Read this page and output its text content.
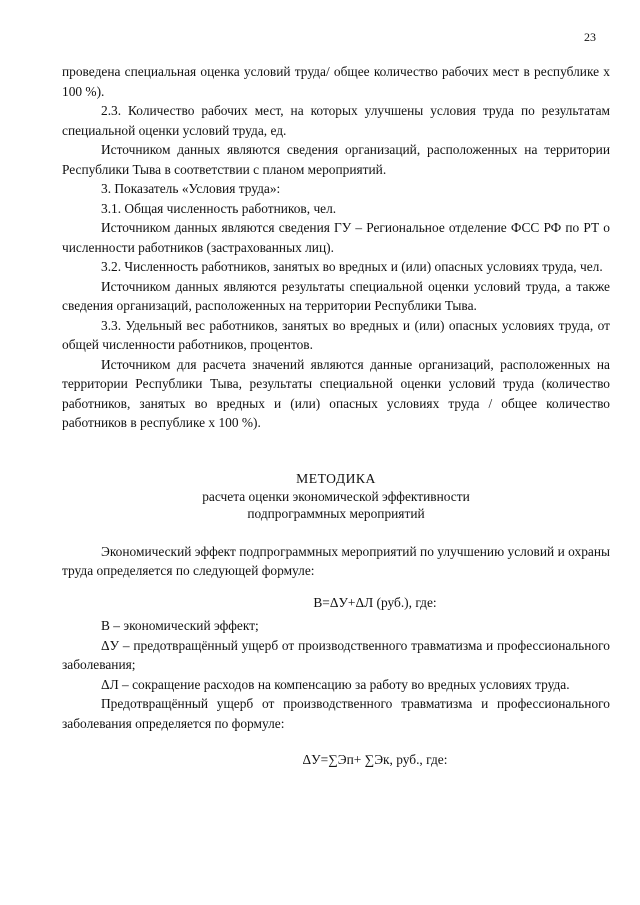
23

проведена специальная оценка условий труда/ общее количество рабочих мест в республике х 100 %).

2.3. Количество рабочих мест, на которых улучшены условия труда по результатам специальной оценки условий труда, ед.

Источником данных являются сведения организаций, расположенных на территории Республики Тыва в соответствии с планом мероприятий.

3. Показатель «Условия труда»:

3.1. Общая численность работников, чел.

Источником данных являются сведения ГУ – Региональное отделение ФСС РФ по РТ о численности работников (застрахованных лиц).

3.2. Численность работников, занятых во вредных и (или) опасных условиях труда, чел.

Источником данных являются результаты специальной оценки условий труда, а также сведения организаций, расположенных на территории Республики Тыва.

3.3. Удельный вес работников, занятых во вредных и (или) опасных условиях труда, от общей численности работников, процентов.

Источником для расчета значений являются данные организаций, расположенных на территории Республики Тыва, результаты специальной оценки условий труда (количество работников, занятых во вредных и (или) опасных условиях труда / общее количество работников в республике х 100 %).

МЕТОДИКА
расчета оценки экономической эффективности
подпрограммных мероприятий

Экономический эффект подпрограммных мероприятий по улучшению условий и охраны труда определяется по следующей формуле:

В=ΔУ+ΔЛ (руб.), где:

В – экономический эффект;

ΔУ – предотвращённый ущерб от производственного травматизма и профессионального заболевания;

ΔЛ – сокращение расходов на компенсацию за работу во вредных условиях труда.

Предотвращённый ущерб от производственного травматизма и профессионального заболевания определяется по формуле:

ΔУ=∑Эп+ ∑Эк, руб., где:
